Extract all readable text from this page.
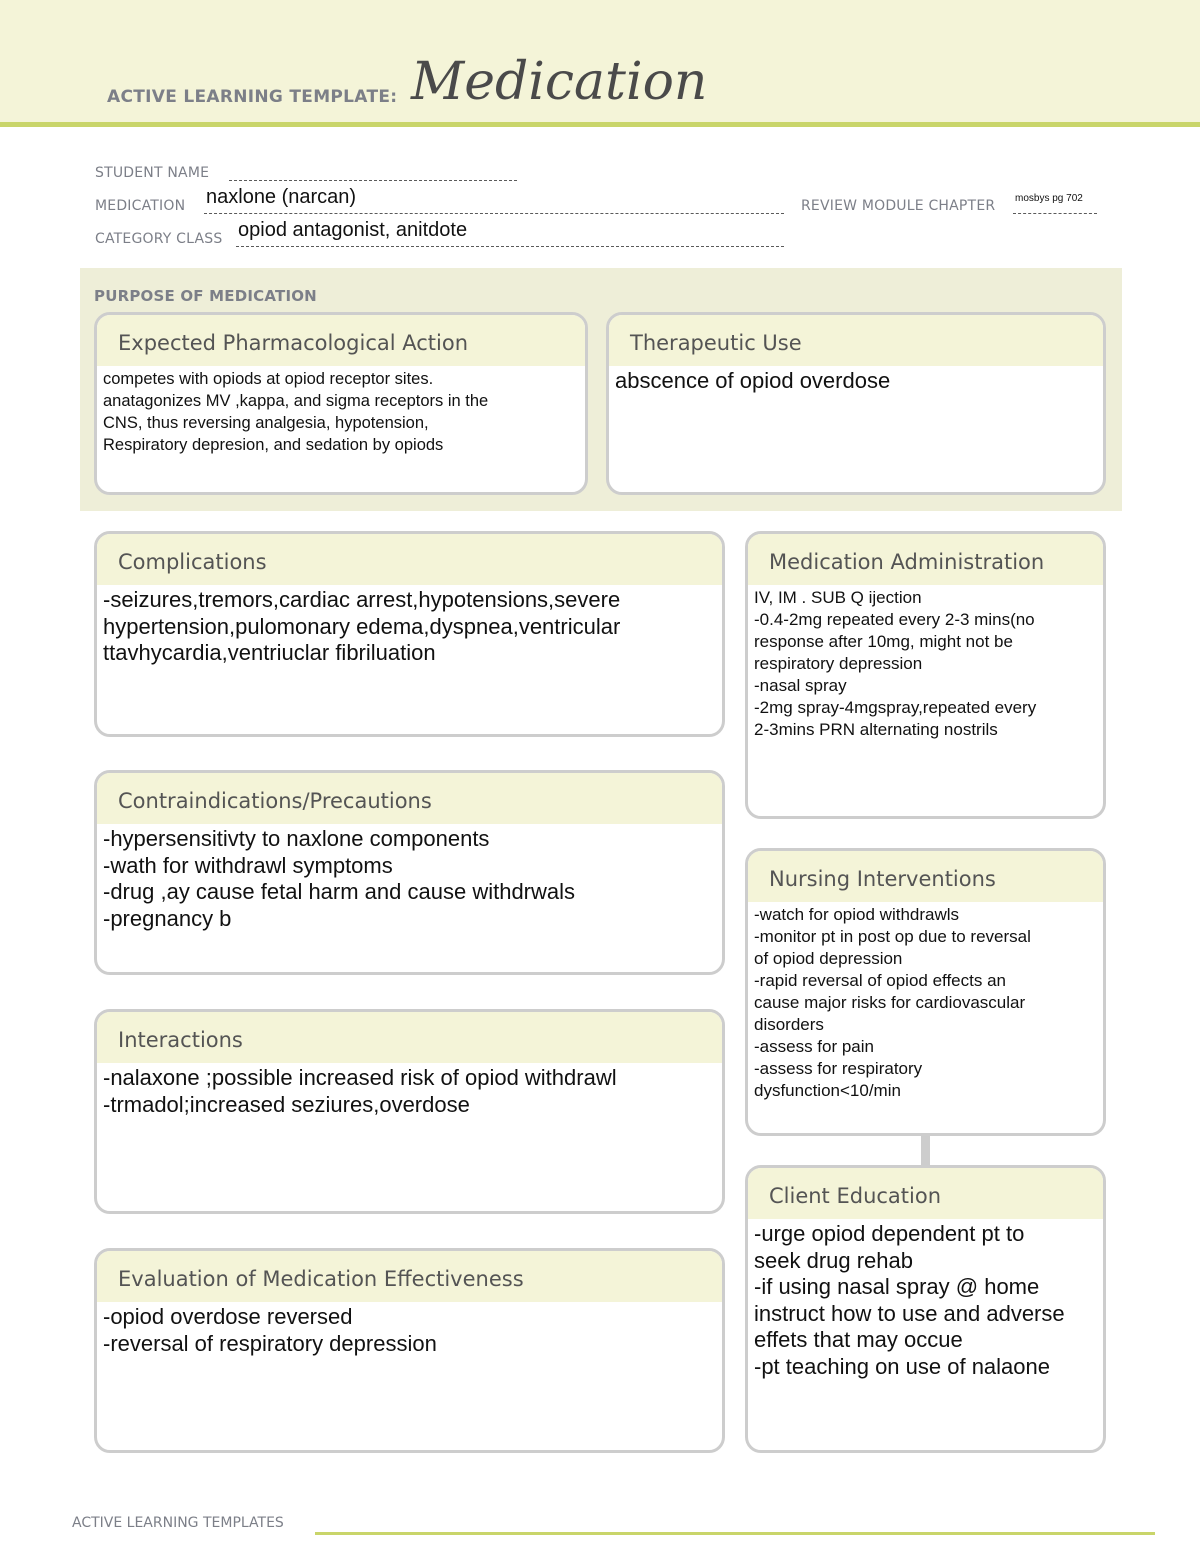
ACTIVE LEARNING TEMPLATE: Medication
STUDENT NAME
MEDICATION naxlone (narcan)	REVIEW MODULE CHAPTER mosbys pg 702
CATEGORY CLASS opiod antagonist, anitdote
PURPOSE OF MEDICATION
Expected Pharmacological Action
competes with opiods at opiod receptor sites.
anatagonizes MV ,kappa, and sigma receptors in the
CNS, thus reversing analgesia, hypotension,
Respiratory depresion, and sedation by opiods
Therapeutic Use
abscence of opiod overdose
Complications
-seizures,tremors,cardiac arrest,hypotensions,severe
hypertension,pulomonary edema,dyspnea,ventricular
ttavhycardia,ventriuclar fibriluation
Contraindications/Precautions
-hypersensitivty to naxlone components
-wath for withdrawl symptoms
-drug ,ay cause fetal harm and cause withdrwals
-pregnancy b
Interactions
-nalaxone ;possible increased risk of opiod withdrawl
-trmadol;increased seziures,overdose
Evaluation of Medication Effectiveness
-opiod overdose reversed
-reversal of respiratory depression
Medication Administration
IV, IM . SUB Q ijection
-0.4-2mg repeated every 2-3 mins(no
response after 10mg, might not be
respiratory depression
-nasal spray
-2mg spray-4mgspray,repeated every
2-3mins PRN alternating nostrils
Nursing Interventions
-watch for opiod withdrawls
-monitor pt in post op due to reversal
of opiod depression
-rapid reversal of opiod effects an
cause major risks for cardiovascular
disorders
-assess for pain
-assess for respiratory
dysfunction<10/min
Client Education
-urge opiod dependent pt to
seek drug rehab
-if using nasal spray @ home
instruct how to use and adverse
effets that may occue
-pt teaching on use of nalaone
ACTIVE LEARNING TEMPLATES
